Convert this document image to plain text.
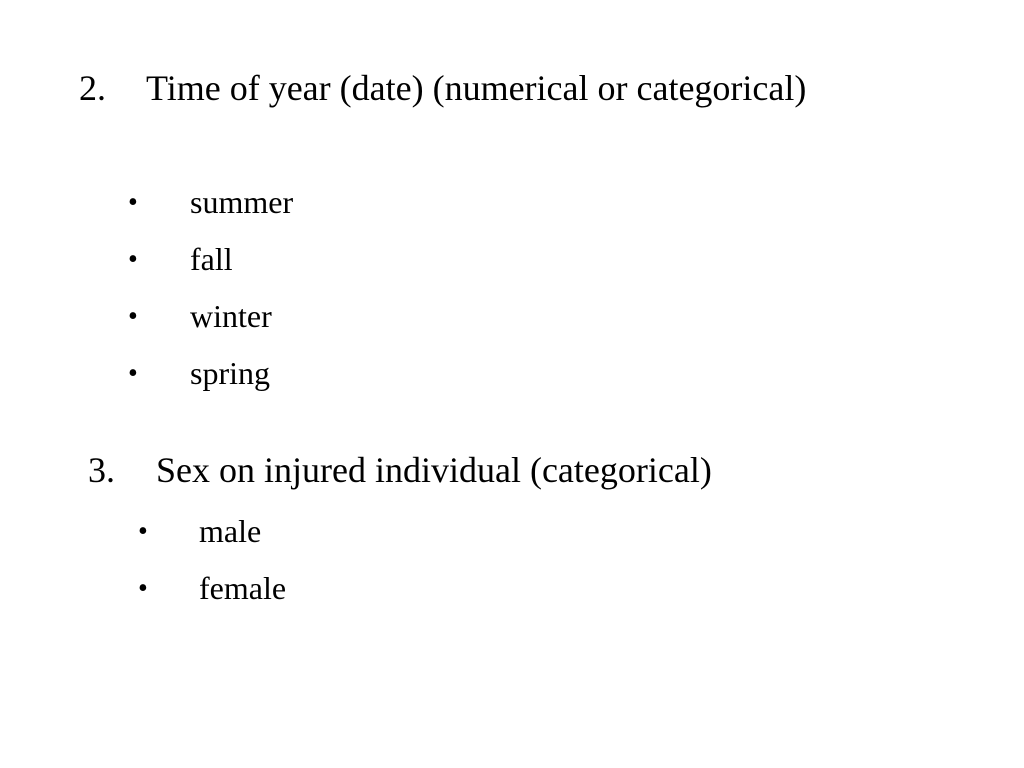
2. Time of year (date) (numerical or categorical)
• summer
• fall
• winter
• spring
3. Sex on injured individual (categorical)
• male
• female
